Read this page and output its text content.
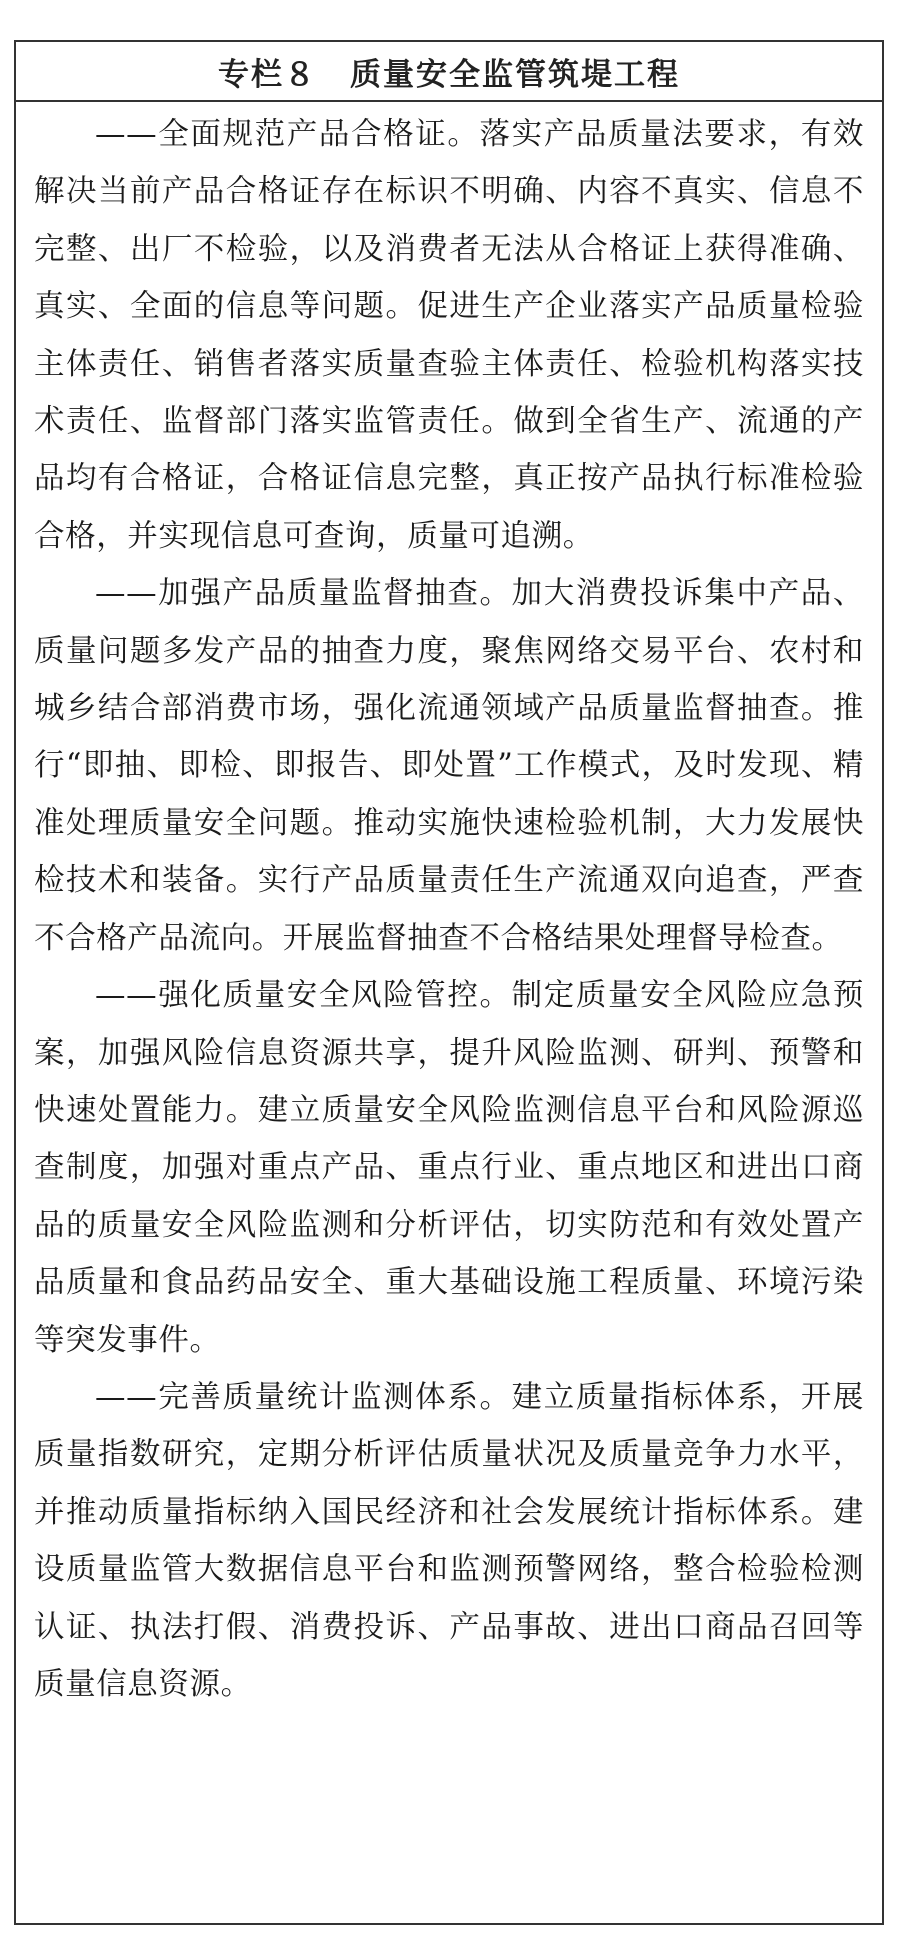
专栏８　质量安全监管筑堤工程

——全面规范产品合格证。落实产品质量法要求，有效解决当前产品合格证存在标识不明确、内容不真实、信息不完整、出厂不检验，以及消费者无法从合格证上获得准确、真实、全面的信息等问题。促进生产企业落实产品质量检验主体责任、销售者落实质量查验主体责任、检验机构落实技术责任、监督部门落实监管责任。做到全省生产、流通的产品均有合格证，合格证信息完整，真正按产品执行标准检验合格，并实现信息可查询，质量可追溯。

——加强产品质量监督抽查。加大消费投诉集中产品、质量问题多发产品的抽查力度，聚焦网络交易平台、农村和城乡结合部消费市场，强化流通领域产品质量监督抽查。推行“即抽、即检、即报告、即处置”工作模式，及时发现、精准处理质量安全问题。推动实施快速检验机制，大力发展快检技术和装备。实行产品质量责任生产流通双向追查，严查不合格产品流向。开展监督抽查不合格结果处理督导检查。

——强化质量安全风险管控。制定质量安全风险应急预案，加强风险信息资源共享，提升风险监测、研判、预警和快速处置能力。建立质量安全风险监测信息平台和风险源巡查制度，加强对重点产品、重点行业、重点地区和进出口商品的质量安全风险监测和分析评估，切实防范和有效处置产品质量和食品药品安全、重大基础设施工程质量、环境污染等突发事件。

——完善质量统计监测体系。建立质量指标体系，开展质量指数研究，定期分析评估质量状况及质量竞争力水平，并推动质量指标纳入国民经济和社会发展统计指标体系。建设质量监管大数据信息平台和监测预警网络，整合检验检测认证、执法打假、消费投诉、产品事故、进出口商品召回等质量信息资源。
